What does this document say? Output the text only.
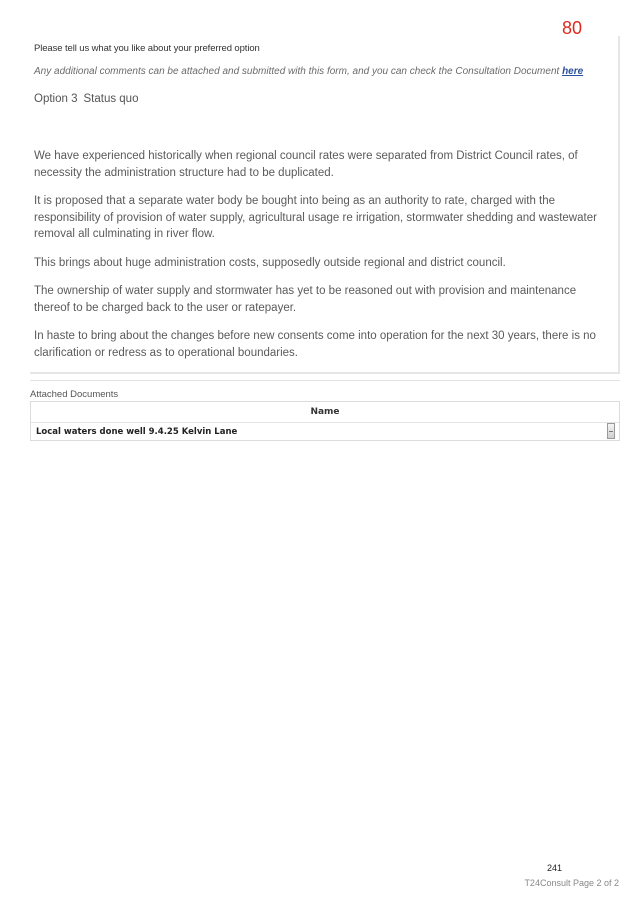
80
Please tell us what you like about your preferred option
Any additional comments can be attached and submitted with this form, and you can check the Consultation Document here
Option 3 Status quo

We have experienced historically when regional council rates were separated from District Council rates, of necessity the administration structure had to be duplicated.

It is proposed that a separate water body be bought into being as an authority to rate, charged with the responsibility of provision of water supply, agricultural usage re irrigation, stormwater shedding and wastewater removal all culminating in river flow.

This brings about huge administration costs, supposedly outside regional and district council.

The ownership of water supply and stormwater has yet to be reasoned out with provision and maintenance thereof to be charged back to the user or ratepayer.

In haste to bring about the changes before new consents come into operation for the next 30 years, there is no clarification or redress as to operational boundaries.

Attached Documents
Name
Local waters done well 9.4.25 Kelvin Lane
241
T24Consult Page 2 of 2
